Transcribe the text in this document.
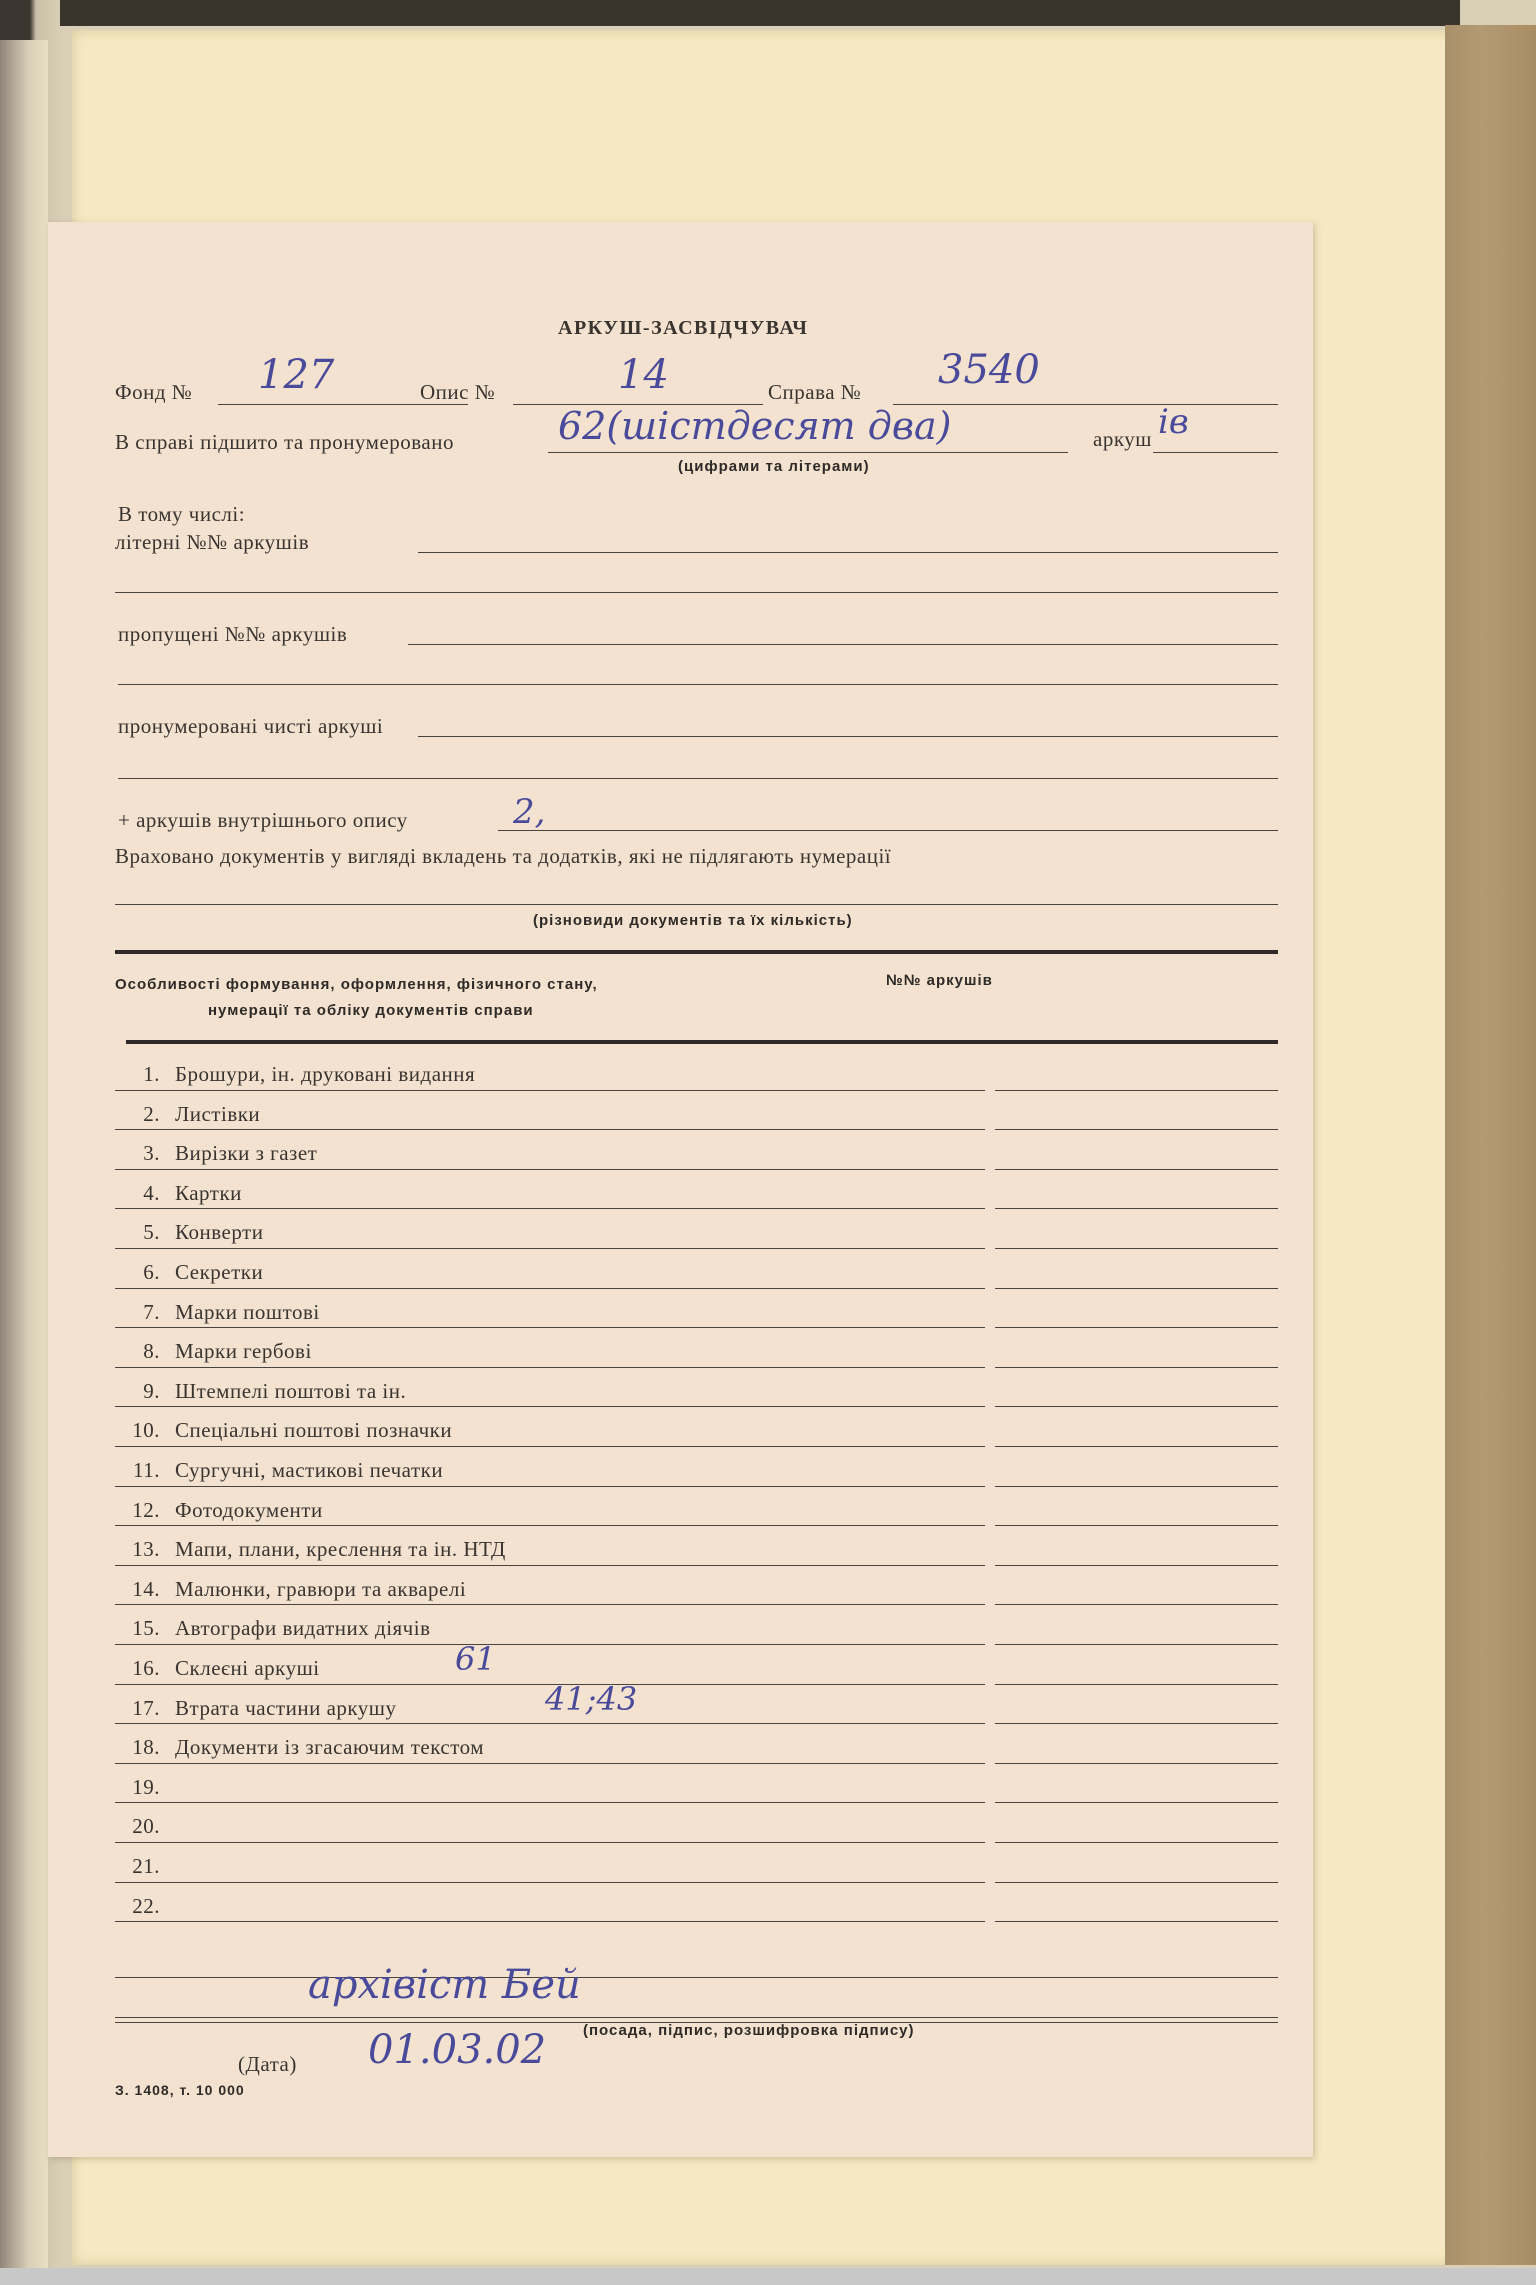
АРКУШ-ЗАСВІДЧУВАЧ
Фонд № 127	Опис №	14	Справа № 3540
В справі підшито та пронумеровано	62(шістдесят два)	аркуш ів
(цифрами та літерами)
В тому числі:
літерні №№ аркушів
пропущені №№ аркушів
пронумеровані чисті аркуші
+ аркушів внутрішнього опису	2,
Враховано документів у вигляді вкладень та додатків, які не підлягають нумерації
(різновиди документів та їх кількість)
Особливості формування, оформлення, фізичного стану,
нумерації та обліку документів справи
№№ аркушів
1. Брошури, ін. друковані видання
2. Листівки
3. Вирізки з газет
4. Картки
5. Конверти
6. Секретки
7. Марки поштові
8. Марки гербові
9. Штемпелі поштові та ін.
10. Спеціальні поштові позначки
11. Сургучні, мастикові печатки
12. Фотодокументи
13. Мапи, плани, креслення та ін. НТД
14. Малюнки, гравюри та акварелі
15. Автографи видатних діячів
16. Склеєні аркуші	61
17. Втрата частини аркушу	41;43
18. Документи із згасаючим текстом
19.
20.
21.
22.
архівіст Бей
(посада, підпис, розшифровка підпису)
(Дата) 01.03.02
З. 1408, т. 10 000
